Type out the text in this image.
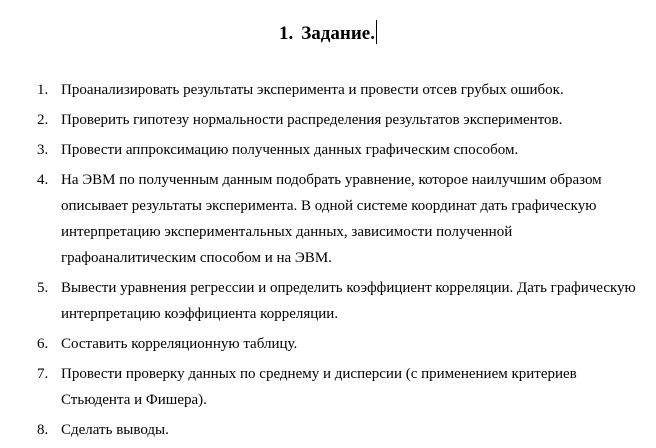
1. Задание.
1. Проанализировать результаты эксперимента и провести отсев грубых ошибок.
2. Проверить гипотезу нормальности распределения результатов экспериментов.
3. Провести аппроксимацию полученных данных графическим способом.
4. На ЭВМ по полученным данным подобрать уравнение, которое наилучшим образом описывает результаты эксперимента. В одной системе координат дать графическую интерпретацию экспериментальных данных, зависимости полученной графоаналитическим способом и на ЭВМ.
5. Вывести уравнения регрессии и определить коэффициент корреляции. Дать графическую интерпретацию коэффициента корреляции.
6. Составить корреляционную таблицу.
7. Провести проверку данных по среднему и дисперсии (с применением критериев Стьюдента и Фишера).
8. Сделать выводы.
